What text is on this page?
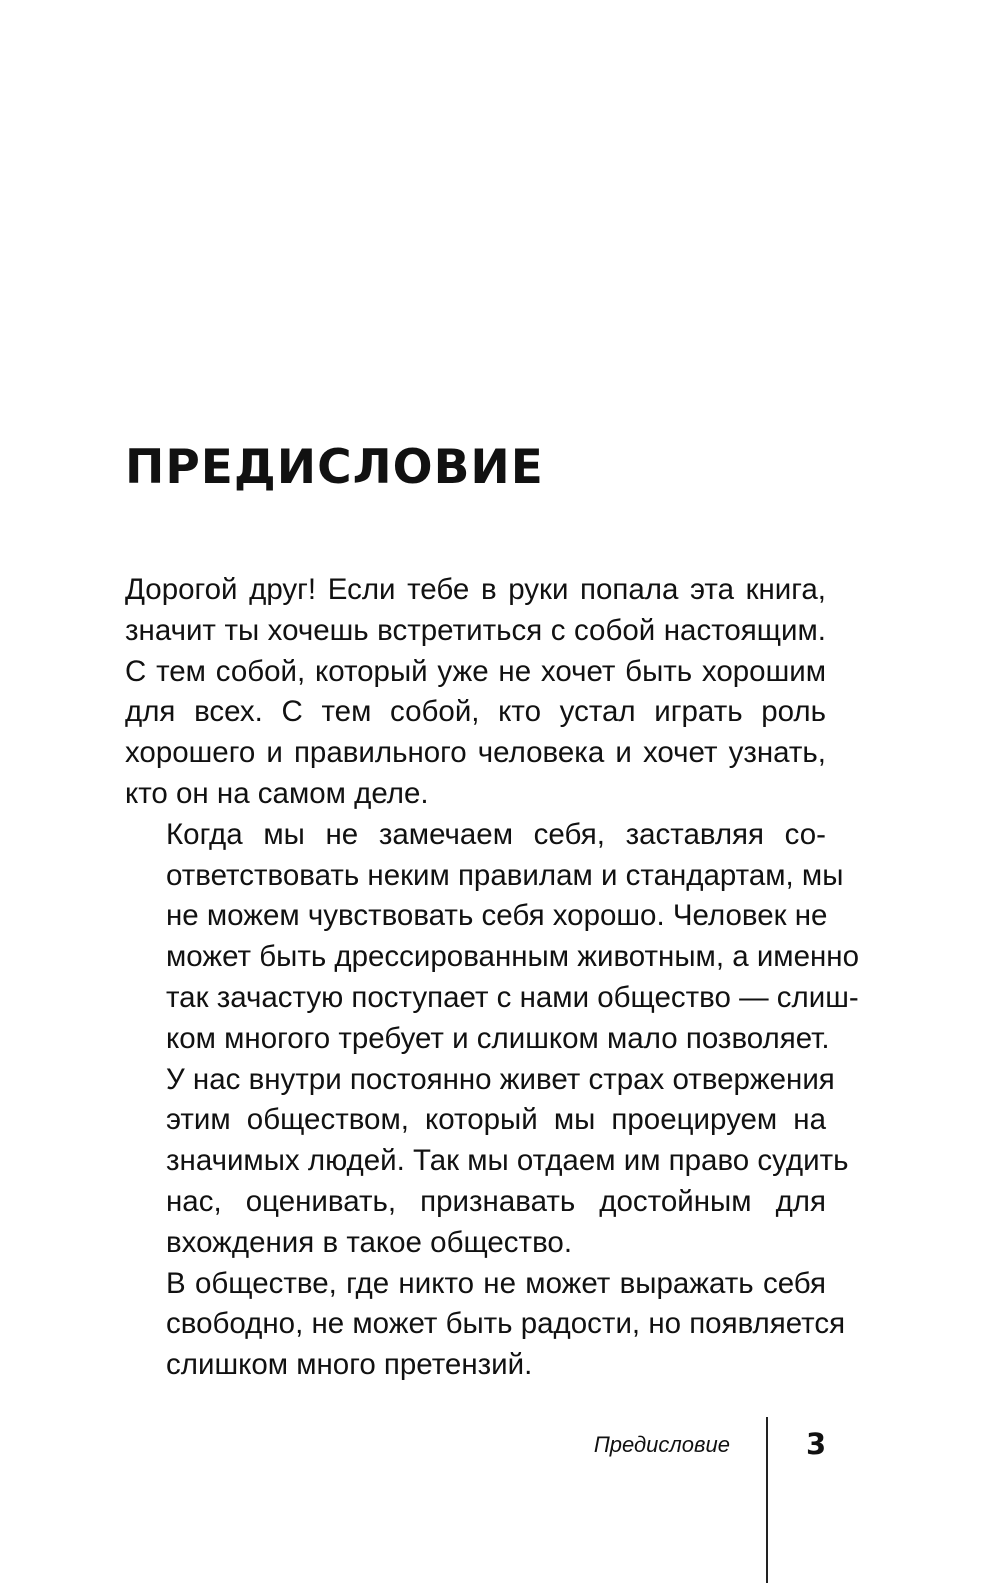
ПРЕДИСЛОВИЕ

Дорогой друг! Если тебе в руки попала эта книга,
значит ты хочешь встретиться с собой настоящим.
С тем собой, который уже не хочет быть хорошим
для всех. С тем собой, кто устал играть роль
хорошего и правильного человека и хочет узнать,
кто он на самом деле.

Когда мы не замечаем себя, заставляя со-
ответствовать неким правилам и стандартам, мы
не можем чувствовать себя хорошо. Человек не
может быть дрессированным животным, а именно
так зачастую поступает с нами общество — слиш-
ком многого требует и слишком мало позволяет.

У нас внутри постоянно живет страх отвержения
этим обществом, который мы проецируем на
значимых людей. Так мы отдаем им право судить
нас, оценивать, признавать достойным для
вхождения в такое общество.

В обществе, где никто не может выражать себя
свободно, не может быть радости, но появляется
слишком много претензий.

Предисловие	3
